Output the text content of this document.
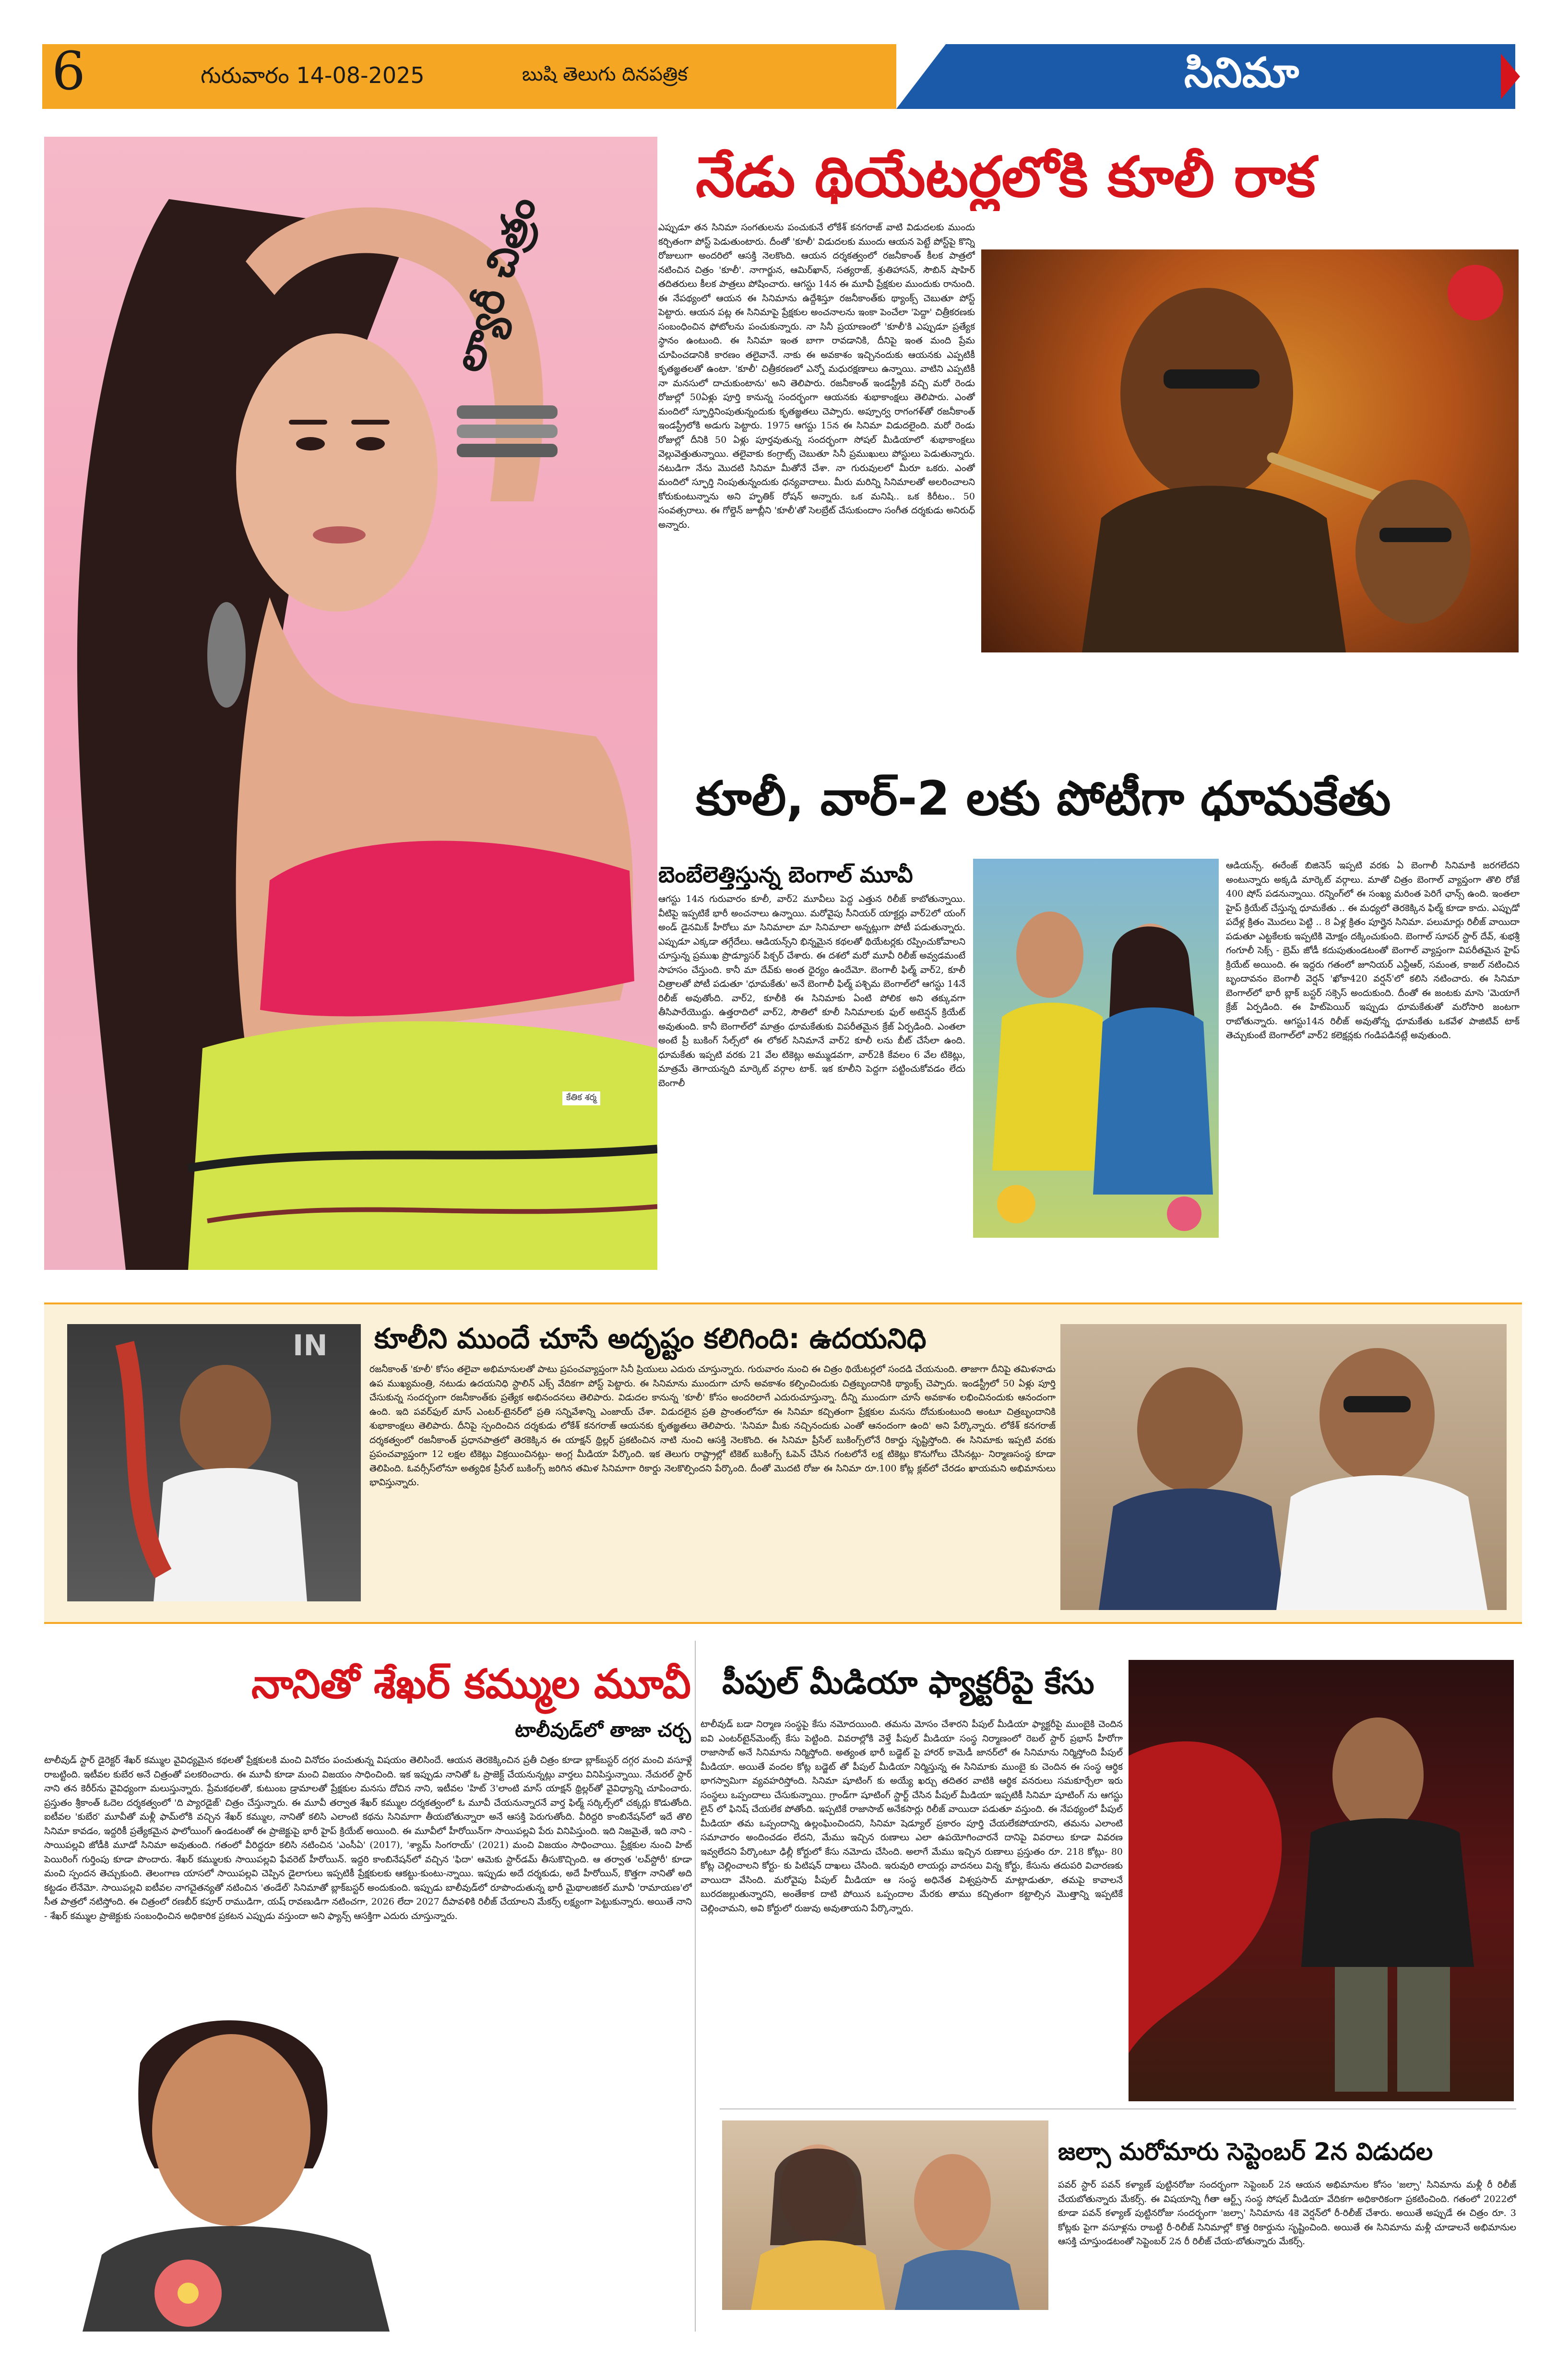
6	గురువారం 14-08-2025	బుషి తెలుగు దినపత్రిక	సినిమా
ల్యారీ చిత్రం
కేతిక శర్మ
నేడు థియేటర్లలోకి కూలీ రాక

ఎప్పుడూ తన సినిమా సంగతులను పంచుకునే లోకేశ్ కనగరాజ్ వాటి విడుదలకు ముందు కర్చితంగా పోస్ట్ పెడుతుంటారు. దీంతో 'కూలీ' విడుదలకు ముందు ఆయన పెట్టే పోస్ట్‌పై కొన్ని రోజులుగా అందరిలో ఆసక్తి నెలకొంది. ఆయన దర్శకత్వంలో రజనీకాంత్ కీలక పాత్రలో నటించిన చిత్రం 'కూలీ'. నాగార్జున, ఆమిర్‌ఖాన్, సత్యరాజ్, శ్రుతిహాసన్, సౌబిన్ షాహిర్ తదితరులు కీలక పాత్రలు పోషించారు. ఆగస్టు 14న ఈ మూవీ ప్రేక్షకుల ముందుకు రానుంది. ఈ నేపథ్యంలో ఆయన ఈ సినిమాను ఉద్దేశిస్తూ రజనీకాంత్‌కు థ్యాంక్స్ చెబుతూ పోస్ట్ పెట్టారు. ఆయన పట్ల ఈ సినిమాపై ప్రేక్షకుల అంచనాలను ఇంకా పెంచేలా 'పెద్దా' చిత్రీకరణకు సంబంధించిన ఫోటోలను పంచుకున్నారు. నా సినీ ప్రయాణంలో 'కూలీ'కి ఎప్పుడూ ప్రత్యేక స్థానం ఉంటుంది. ఈ సినిమా ఇంత బాగా రావడానికి, దీనిపై ఇంత మంది ప్రేమ చూపించడానికి కారణం తలైవానే. నాకు ఈ అవకాశం ఇచ్చినందుకు ఆయనకు ఎప్పటికీ కృతజ్ఞతలతో ఉంటా. 'కూలీ' చిత్రీకరణలో ఎన్నో మధురక్షణాలు ఉన్నాయి. వాటిని ఎప్పటికీ నా మనసులో దాచుకుంటాను' అని తెలిపారు. రజనీకాంత్ ఇండస్ట్రీకి వచ్చి మరో రెండు రోజుల్లో 50ఏళ్లు పూర్తి కానున్న సందర్భంగా ఆయనకు శుభాకాంక్షలు తెలిపారు. ఎంతో మందిలో స్ఫూర్తినింపుతున్నందుకు కృతజ్ఞతలు చెప్పారు. అప్పూర్వ రాగంగళ్‌తో రజనీకాంత్ ఇండస్ట్రీలోకి అడుగు పెట్టారు. 1975 ఆగస్టు 15న ఈ సినిమా విడుదలైంది. మరో రెండు రోజుల్లో దీనికి 50 ఏళ్లు పూర్తవుతున్న సందర్భంగా సోషల్ మీడియాలో శుభాకాంక్షలు వెల్లువెత్తుతున్నాయి. తలైవాకు కంగ్రాట్స్ చెబుతూ సినీ ప్రముఖులు పోస్టులు పెడుతున్నారు. నటుడిగా నేను మొదటి సినిమా మీతోనే చేశా. నా గురువులలో మీరూ ఒకరు. ఎంతో మందిలో స్ఫూర్తి నింపుతున్నందుకు ధన్యవాదాలు. మీరు మరిన్ని సినిమాలతో అలరించాలని కోరుకుంటున్నాను అని హృతిక్ రోషన్ అన్నారు. ఒక మనిషి.. ఒక కిరీటం.. 50 సంవత్సరాలు. ఈ గోల్డెన్ జూబ్లీని 'కూలీ'తో సెలబ్రేట్ చేసుకుందాం సంగీత దర్శకుడు అనిరుధ్ అన్నారు.

కూలీ, వార్-2 లకు పోటీగా ధూమకేతు
బెంబేలెత్తిస్తున్న బెంగాల్ మూవీ

ఆగస్టు 14న గురువారం కూలీ, వార్2 మూవీలు పెద్ద ఎత్తున రిలీజ్ కాబోతున్నాయి. వీటిపై ఇప్పటికే భారీ అంచనాలు ఉన్నాయి. మరోవైపు సీనియర్ యాక్టర్లు వార్2లో యంగ్ అండ్ డైనమిక్ హీరోలు మా సినిమాలా మా సినిమాలా అన్నట్లుగా పోటీ పడుతున్నారు. ఎప్పుడూ ఎక్కడా తగ్గేదేలు. ఆడియన్స్‌ని భిన్నమైన కథలతో థియేటర్లకు రప్పించుకోవాలని చూస్తున్న ప్రముఖ ప్రొడ్యూసర్ పిక్చర్ చేశారు. ఈ దశలో మరో మూవీ రిలీజ్ అవ్వడమంటే సాహసం చేస్తుంది. కానీ మా దేవ్‌కు అంత ధైర్యం ఉందేమో. బెంగాలీ ఫిల్మ్ వార్2, కూలీ చిత్రాలతో పోటీ పడుతూ 'ధూమకేతు' అనే బెంగాలీ ఫిల్మ్ పశ్చిమ బెంగాల్‌లో ఆగస్టు 14నే రిలీజ్ అవుతోంది. వార్2, కూలీకి ఈ సినిమాకు ఏంటి పోలిక అని తక్కువగా తీసిపారేయొద్దు. ఉత్తరాదిలో వార్2, సౌతిలో కూలీ సినిమాలకు ఫుల్ అటెన్షన్ క్రియేట్ అవుతుంది. కానీ బెంగాల్‌లో మాత్రం ధూమకేతుకు విపరీతమైన క్రేజ్ ఏర్పడింది. ఎంతలా అంటే ప్రీ బుకింగ్ సేల్స్‌లో ఈ లోకల్ సినిమానే వార్2 కూలీ లను బీట్ చేసేలా ఉంది. ధూమకేతు ఇప్పటి వరకు 21 వేల టికెట్లు అమ్ముడవగా, వార్2కి కేవలం 6 వేల టికెట్లు, మాత్రమే తెగాయన్నది మార్కెట్ వర్గాల టాక్. ఇక కూలీని పెద్దగా పట్టించుకోవడం లేదు బెంగాలీ

ఆడియన్స్. ఈరేంజ్ బిజినెస్ ఇప్పటి వరకు ఏ బెంగాలీ సినిమాకి జరగలేదని అంటున్నారు అక్కడి మార్కెట్ వర్గాలు. మాతో చిత్రం బెంగాల్ వ్యాప్తంగా తొలి రోజే 400 షోస్ పడనున్నాయి. రన్నింగ్‌లో ఈ సంఖ్య మరింత పెరిగే ఛాన్స్ ఉంది. ఇంతలా హైప్ క్రియేట్ చేస్తున్న ధూమకేతు .. ఈ మధ్యలో తెరకెక్కిన ఫిల్మ్ కూడా కాదు. ఎప్పుడో పదేళ్ల క్రితం మొదలు పెట్టి .. 8 ఏళ్ల క్రితం పూర్తైన సినిమా. పలుమార్లు రిలీజ్ వాయిదా పడుతూ ఎట్టకేలకు ఇప్పటికి మోక్షం దక్కించుకుంది. బెంగాల్ సూపర్ స్టార్ దేవ్, శుభశ్రీ గంగూలీ సెక్స్ - బ్రెమ్ జోడీ కదుపుతుండటంతో బెంగాల్ వ్యాప్తంగా విపరీతమైన హైప్ క్రియేట్ అయింది. ఈ ఇద్దరు గతంలో జూనియర్ ఎన్టీఆర్, సమంత, కాజల్ నటించిన బృందావనం బెంగాలీ వెర్షన్ 'ఖోకా420 వర్షన్'లో కలిసి నటించారు. ఈ సినిమా బెంగాల్‌లో భారీ బ్లాక్ బస్టర్ సక్సెస్ అందుకుంది. దీంతో ఈ జంటకు మాసె 'మెయాగే క్రేజ్ ఏర్పడింది. ఈ హిట్‌పెయిర్ ఇప్పుడు ధూమకేతుతో మరోసారి జంటగా రాబోతున్నారు. ఆగస్టు14న రిలీజ్ అవుతోన్న ధూమకేతు ఒకవేళ పాజిటివ్ టాక్ తెచ్చుకుంటే బెంగాల్‌లో వార్2 కలెక్షన్లకు గండిపడినట్లే అవుతుంది.

IN కూలీని ముందే చూసే అదృష్టం కలిగింది: ఉదయనిధి

రజనీకాంత్ 'కూలీ' కోసం తలైవా అభిమానులతో పాటు ప్రపంచవ్యాప్తంగా సినీ ప్రియులు ఎదురు చూస్తున్నారు. గురువారం నుంచి ఈ చిత్రం థియేటర్లలో సందడి చేయనుంది. తాజాగా దీనిపై తమిళనాడు ఉప ముఖ్యమంత్రి, నటుడు ఉదయనిధి స్టాలిన్ ఎక్స్ వేదికగా పోస్ట్ పెట్టారు. ఈ సినిమాను ముందుగా చూసే అవకాశం కల్పించిందుకు చిత్రబృందానికి థ్యాంక్స్ చెప్పారు. ఇండస్ట్రీలో 50 ఏళ్లు పూర్తి చేసుకున్న సందర్భంగా రజనీకాంత్‌కు ప్రత్యేక అభినందనలు తెలిపారు. విడుదల కానున్న 'కూలీ' కోసం అందరిలాగే ఎదురుచూస్తున్నా. దీన్ని ముందుగా చూసే అవకాశం లభించినందుకు ఆనందంగా ఉంది. ఇది పవర్‌ఫుల్ మాస్ ఎంటర్-టైనర్‌లో ప్రతి సన్నివేశాన్ని ఎంజాయ్ చేశా. విడుదలైన ప్రతి ప్రాంతంలోనూ ఈ సినిమా కచ్చితంగా ప్రేక్షకుల మనసు దోచుకుంటుంది అంటూ చిత్రబృందానికి శుభాకాంక్షలు తెలిపారు. దీనిపై స్పందించిన దర్శకుడు లోకేశ్ కనగరాజ్ ఆయనకు కృతజ్ఞతలు తెలిపారు. 'సినిమా మీకు నచ్చినందుకు ఎంతో ఆనందంగా ఉంది' అని పేర్కొన్నారు. లోకేశ్ కనగరాజ్ దర్శకత్వంలో రజనీకాంత్ ప్రధానపాత్రలో తెరకెక్కిన ఈ యాక్షన్ థ్రిల్లర్ ప్రకటించిన నాటి నుంచి ఆసక్తి నెలకొంది. ఈ సినిమా ప్రీసేల్ బుకింగ్స్‌లోనే రికార్డు సృష్టిస్తోంది. ఈ సినిమాకు ఇప్పటి వరకు ప్రపంచవ్యాప్తంగా 12 లక్షల టికెట్లు విక్రయించినట్లు- అంగ్ల మీడియా పేర్కొంది. ఇక తెలుగు రాష్ట్రాల్లో టికెట్ బుకింగ్స్ ఓపెన్ చేసిన గంటలోనే లక్ష టికెట్లు కొనుగోలు చేసినట్లు- నిర్మాణసంస్థ కూడా తెలిపింది. ఓవర్సీస్‌లోనూ అత్యధిక ప్రీసేల్ బుకింగ్స్ జరిగిన తమిళ సినిమాగా రికార్డు నెలకొల్పిందని పేర్కొంది. దీంతో మొదటి రోజు ఈ సినిమా రూ.100 కోట్ల క్లబ్‌లో చేరడం ఖాయమని అభిమానులు భావిస్తున్నారు.

నానితో శేఖర్ కమ్ముల మూవీ
టాలీవుడ్‌లో తాజా చర్చ

టాలీవుడ్ స్టార్ డైరెక్టర్ శేఖర్ కమ్ముల వైవిధ్యమైన కథలతో ప్రేక్షకులకి మంచి వినోదం పంచుతున్న విషయం తెలిసిందే. ఆయన తెరకెక్కించిన ప్రతీ చిత్రం కూడా బ్లాక్‌బస్టర్ దగ్గర మంచి వసూళ్లే రాబట్టింది. ఇటీవల కుబేర అనే చిత్రంతో పలకరించారు. ఈ మూవీ కూడా మంచి విజయం సాధించింది. ఇక ఇప్పుడు నానితో ఓ ప్రాజెక్ట్ చేయనున్నట్లు వార్తలు వినిపిస్తున్నాయి. నేచురల్ స్టార్ నాని తన కెరీర్‌ను వైవిధ్యంగా మలుస్తున్నారు. ప్రేమకథలతో, కుటుంబ డ్రామాలతో ప్రేక్షకుల మనసు దోచిన నాని, ఇటీవల 'హిట్ 3'లాంటి మాస్ యాక్షన్ థ్రిల్లర్‌తో వైవిధ్యాన్ని చూపించారు. ప్రస్తుతం శ్రీకాంత్ ఓదెల దర్శకత్వంలో 'ది ప్యారడైజ్' చిత్రం చేస్తున్నారు. ఈ మూవీ తర్వాత శేఖర్ కమ్ముల దర్శకత్వంలో ఓ మూవీ చేయనున్నారనే వార్త ఫిల్మ్ సర్కిల్స్‌లో చక్కర్లు కొడుతోంది. ఐటీవల 'కుబేర' మూవీతో మళ్లీ ఫామ్‌లోకి వచ్చిన శేఖర్ కమ్ముల, నానితో కలిసి ఎలాంటి కథను సినిమాగా తీయబోతున్నారా అనే ఆసక్తి పెరుగుతోంది. వీరిద్దరి కాంబినేషన్‌లో ఇదే తొలి సినిమా కావడం, ఇద్దరికీ ప్రత్యేకమైన ఫాలోయింగ్ ఉండటంతో ఈ ప్రాజెక్టుపై భారీ హైప్ క్రియేట్ అయింది. ఈ మూవీలో హీరోయిన్‌గా సాయిపల్లవి పేరు వినిపిస్తుంది. ఇది నిజమైతే, ఇది నాని - సాయిపల్లవి జోడీకి మూడో సినిమా అవుతుంది. గతంలో వీరిద్దరూ కలిసి నటించిన 'ఎంసీఏ' (2017), 'శ్యామ్ సింగరాయ్' (2021) మంచి విజయం సాధించాయి. ప్రేక్షకుల నుంచి హిట్ పెయిరింగ్ గుర్తింపు కూడా పొందారు. శేఖర్ కమ్ములకు సాయిపల్లవి ఫేవరెట్ హీరోయిన్. ఇద్దరి కాంబినేషన్‌లో వచ్చిన 'ఫిదా' ఆమెకు స్టార్‌డమ్ తీసుకొచ్చింది. ఆ తర్వాత 'లవ్‌స్టోరీ' కూడా మంచి స్పందన తెచ్చుకుంది. తెలంగాణ యాసలో సాయిపల్లవి చెప్పిన డైలాగులు ఇప్పటికీ ప్రేక్షకులకు ఆకట్టు-కుంటు-న్నాయి. ఇప్పుడు అదే దర్శకుడు, అదే హీరోయిన్, కొత్తగా నానితో అది కట్టడం లేనేమో. సాయిపల్లవి ఐటీవల నాగచైతన్యతో నటించిన 'తండేల్' సినిమాతో బ్లాక్‌బస్టర్ అందుకుంది. ఇప్పుడు బాలీవుడ్‌లో రూపొందుతున్న భారీ మైథాలజికల్ మూవీ 'రామాయణ'లో సీత పాత్రలో నటిస్తోంది. ఈ చిత్రంలో రణబీర్ కపూర్ రాముడిగా, యష్ రావణుడిగా నటించగా, 2026 లేదా 2027 దీపావళికి రిలీజ్ చేయాలని మేకర్స్ లక్ష్యంగా పెట్టుకున్నారు. అయితే నాని - శేఖర్ కమ్ముల ప్రాజెక్టుకు సంబంధించిన అధికారిక ప్రకటన ఎప్పుడు వస్తుందా అని ఫ్యాన్స్ ఆసక్తిగా ఎదురు చూస్తున్నారు.

పీపుల్ మీడియా ఫ్యాక్టరీపై కేసు

టాలీవుడ్ బడా నిర్మాణ సంస్థపై కేసు నమోదయింది. తమను మోసం చేశారని పీపుల్ మీడియా ఫ్యాక్టరీపై ముంబైకి చెందిన ఐవి ఎంటర్‌టైన్‌మెంట్స్ కేసు పెట్టింది. వివరాల్లోకి వెళ్తే పీపుల్ మీడియా సంస్థ నిర్మాణంలో రెబల్ స్టార్ ప్రభాస్ హీరోగా రాజాసాబ్ అనే సినిమాను నిర్మిస్తోంది. అత్యంత భారీ బడ్జెట్ పై హారర్ కామెడీ జానర్‌లో ఈ సినిమాను నిర్మిస్తోంది పీపుల్ మీడియా. అయితే వందల కోట్ల బడ్జెట్ తో పీపుల్ మీడియా నిర్మిస్తున్న ఈ సినిమాకు ముంబై కు చెందిన ఈ సంస్థ ఆర్థిక భాగస్వామిగా వ్యవహరిస్తోంది. సినిమా షూటింగ్ కు అయ్యే ఖర్చు తదితర వాటికి ఆర్థిక వనరులు సమకూర్చేలా ఇరు సంస్థలు ఒప్పందాలు చేసుకున్నాయి. గ్రాండ్‌గా షూటింగ్ స్టార్ట్ చేసిన పీపుల్ మీడియా ఇప్పటికీ సినిమా షూటింగ్ ను ఆగస్టు లైన్ లో ఫినిష్ చేయలేక పోతోంది. ఇప్పటికే రాజాసాబ్ అనేకసార్లు రిలీజ్ వాయిదా పడుతూ వస్తుంది. ఈ నేపథ్యంలో పీపుల్ మీడియా తమ ఒప్పందాన్ని ఉల్లంఘించిందని, సినిమా షెడ్యూల్ ప్రకారం పూర్తి చేయలేకపోయారని, తమను ఎలాంటి సమాచారం అందించడం లేదని, మేము ఇచ్చిన రుణాలు ఎలా ఉపయోగించారనే దానిపై వివరాలు కూడా వివరణ ఇవ్వలేదని పేర్కొంటూ ఢిల్లీ కోర్టులో కేసు నమోదు చేసింది. అలాగే మేము ఇచ్చిన రుణాలు ప్రస్తుతం రూ. 218 కోట్లు- 80 కోట్ల చెల్లించాలని కోర్టు- కు పిటిషన్ దాఖలు చేసింది. ఇరువురి లాయర్లు వాదనలు విన్న కోర్టు, కేసును తదుపరి విచారణకు వాయిదా వేసింది. మరోవైపు పీపుల్ మీడియా ఆ సంస్థ అధినేత విశ్వప్రసాద్ మాట్లాడుతూ, తమపై కావాలనే బురదజల్లుతున్నారని, అంతేకాక దాటి పోయిన ఒప్పందాల మేరకు తాము కచ్చితంగా కట్టాల్సిన మొత్తాన్ని ఇప్పటికే చెల్లించామని, అవి కోర్టులో రుజువు అవుతాయని పేర్కొన్నారు.

జల్సా మరోమారు సెప్టెంబర్ 2న విడుదల

పవర్ స్టార్ పవన్ కళ్యాణ్ పుట్టినరోజు సందర్భంగా సెప్టెంబర్ 2న ఆయన అభిమానుల కోసం 'జల్సా' సినిమాను మళ్లీ రీ రిలీజ్ చేయబోతున్నారు మేకర్స్. ఈ విషయాన్ని గీతా ఆర్ట్స్ సంస్థ సోషల్ మీడియా వేదికగా అధికారికంగా ప్రకటించింది. గతంలో 2022లో కూడా పవన్ కళ్యాణ్ పుట్టినరోజు సందర్భంగా 'జల్సా' సినిమాను 4కె వెర్షన్‌లో రీ-రిలీజ్ చేశారు. అయితే అప్పుడే ఈ చిత్రం రూ. 3 కోట్లకు పైగా వసూళ్లను రాబట్టి రీ-రిలీజ్ సినిమాల్లో కొత్త రికార్డును సృష్టించింది. అయితే ఈ సినిమాను మళ్లీ చూడాలనే అభిమానుల ఆసక్తి చూస్తుండటంతో సెప్టెంబర్ 2న రీ రిలీజ్ చేయ-బోతున్నారు మేకర్స్.
